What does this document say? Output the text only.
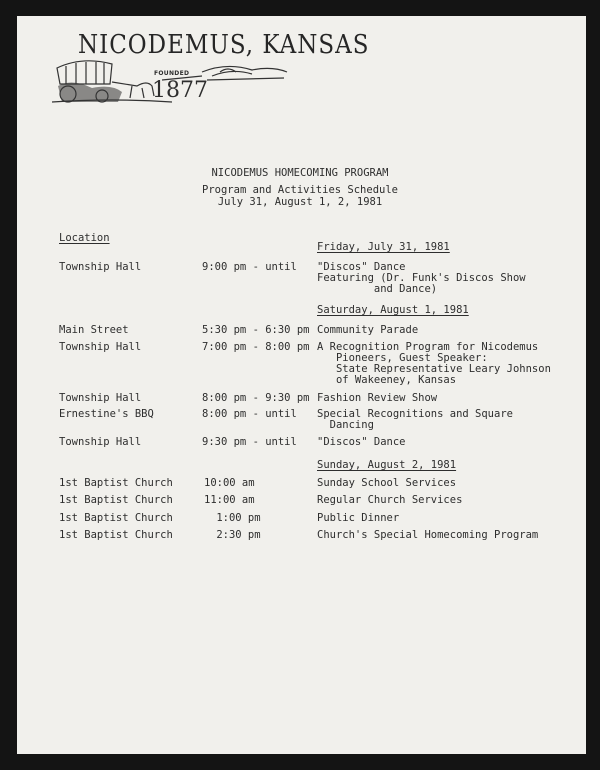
NICODEMUS, KANSAS
FOUNDED
1877
NICODEMUS HOMECOMING PROGRAM
Program and Activities Schedule
July 31, August 1, 2, 1981
Location
Friday, July 31, 1981
Saturday, August 1, 1981
Sunday, August 2, 1981
Township Hall	9:00 pm - until "Discos" Dance
Featuring (Dr. Funk's Discos Show
and Dance)
Main Street	5:30 pm - 6:30 pm Community Parade
Township Hall	7:00 pm - 8:00 pm A Recognition Program for Nicodemus
Pioneers, Guest Speaker:
State Representative Leary Johnson
of Wakeeney, Kansas
Township Hall	8:00 pm - 9:30 pm Fashion Review Show
Ernestine's BBQ	8:00 pm - until Special Recognitions and Square
Dancing
Township Hall	9:30 pm - until "Discos" Dance
1st Baptist Church	10:00 am	Sunday School Services
1st Baptist Church	11:00 am	Regular Church Services
1st Baptist Church	1:00 pm	Public Dinner
1st Baptist Church	2:30 pm	Church's Special Homecoming Program
